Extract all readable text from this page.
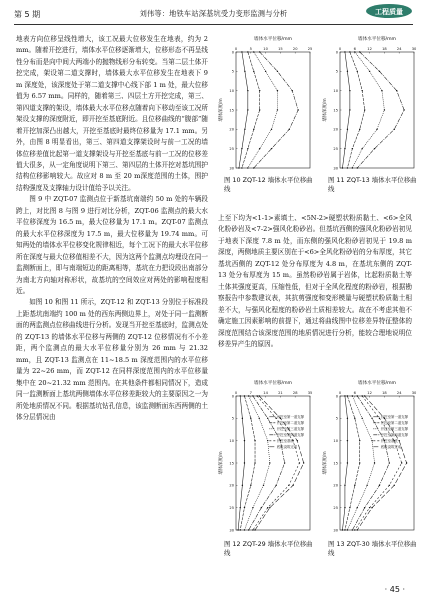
第 5 期	刘伟等：地铁车站深基坑受力变形监测与分析	工程质量

地表方向位移呈线性增大，该工况最大位移发生在地表，约为 2 mm。随着开挖进行，墙体水平位移逐渐增大，位移形态不再呈线性分布而是向中间大两端小的抛物线形分布转变。当第二层土体开挖完成，架设第二道支撑时，墙体最大水平位移发生在地表下 9 m 深度处，该深度处于第二道支撑中心线下部 1 m 处，最大位移值为 6.57 mm。同样的，随着第三、四层土方开挖完成，第三、第四道支撑的架设，墙体最大水平位移点随着向下移动至该工况所架设支撑的深度附近，即开挖至基底附近。且位移曲线的“腹部”随着开挖加深凸出越大，开挖至基底时最终位移量为 17.1 mm。另外，由图 8 明显看出，第三、第四道支撑架设时与前一工况的墙体位移差值比起第一道支撑架设与开挖至基底与前一工况的位移差值大很多，从一定角度说明下第三、第四层的土体开挖对基坑围护结构位移影响较大。故应对 8 m 至 20 m深度范围的土体，围护结构强度及支撑轴力设计值给予以关注。

图 9 中 ZQT-07 监测点位于新基坑南端约 50 m 处的车辆段跨上，对比图 8 与图 9 进行对比分析，ZQT-06 监测点的最大水平位移深度为 16.5 m，最大位移量为 17.1 m。ZQT-07 监测点的最大水平位移深度为 17.5 m，最大位移量为 19.74 mm。可知两处的墙体水平位移变化规律相近，每个工况下的最大水平位移所在深度与最大位移值相差不大，因为这两个监测点均埋设在同一监测断面上，即与南端短边的距离相等，基坑在力把设段出南部分为南北方向轴对称形状，故基坑的空间效应对两处的影响程度相近。

如图 10 和图 11 所示，ZQT-12 和 ZQT-13 分别位于标准段上距基坑南端约 100 m 处的西东两侧边界上，对处于同一监测断面的两监测点位移曲线进行分析。发现当开挖至基底时，监测点处的 ZQT-13 的墙体水平位移与两侧的 ZQT-12 位移情况有不小差距，两个监测点的最大水平位移量分别为 26 mm 与 21.32 mm，且 ZQT-13 监测点在 11~18.5 m 深度范围内的水平位移量为 22~26 mm，而 ZQT-12 在同样深度范围内的水平位移量集中在 20~21.32 mm 范围内。在其他条件都相同情况下，造成同一监测断面上基坑两侧墙体水平位移差距较大的主要原因之一为所处地质情况不同。根据基坑钻孔信息，该监测断面东西两侧的土体分层情况由

墙体水平位移/mm
0	5	10	15	20	25
0
5
10
15
20
25
30
墙体深度/m
墙体水平位移/mm
0	6	12	18	24	30
0
5
10
15
20
25
30
墙体深度/m
图 10 ZQT-12 墙体水平位移曲线
图 11 ZQT-13 墙体水平位移曲线

上至下均为<1-1>素填土、<5N-2>硬塑状粉质黏土、<6>全风化粉砂岩及<7-2>强风化粉砂岩。但基坑西侧的强风化粉砂岩初见于地表下深度 7.8 m 处，而东侧的强风化粉砂岩初见于 19.8 m 深度，两侧地质主要区别在于<6>全风化粉砂岩的分布厚度，其它基坑西侧的 ZQT-12 处分布厚度为 4.8 m，在基坑东侧的 ZQT-13 处分布厚度为 15 m。虽然粉砂岩属于岩体，比起粉质黏土等土体其强度更高，压缩性低，但对于全风化程度的粉砂岩，根据勘察报告中参数建议表，其抗剪强度和变形模量与硬塑状粉质黏土相差不大，与强风化程度的粉砂岩土质相差较大。故在不考虑其他不确定施工因素影响的前提下，通过将曲线图中位移差异特征整体的深度范围结合该深度范围的地质情况进行分析，能较合理地说明位移差异产生的原因。

墙体水平位移/mm
0	7	14	21	28	35
0
5
10
15
20
25
30
墙体深度/m
开挖至第一道支撑
开挖至第二道支撑
开挖至第三道支撑
开挖至第四道支撑
开挖至基底
底板浇筑完成
墙体水平位移/mm
0	6	12	18	24	30
0
5
10
15
20
25
30
墙体深度/m
开挖至第一道支撑
开挖至第二道支撑
开挖至第三道支撑
开挖至第四道支撑
开挖至基底
底板浇筑完成
图 12 ZQT-29 墙体水平位移曲线
图 13 ZQT-30 墙体水平位移曲线
· 45 ·
